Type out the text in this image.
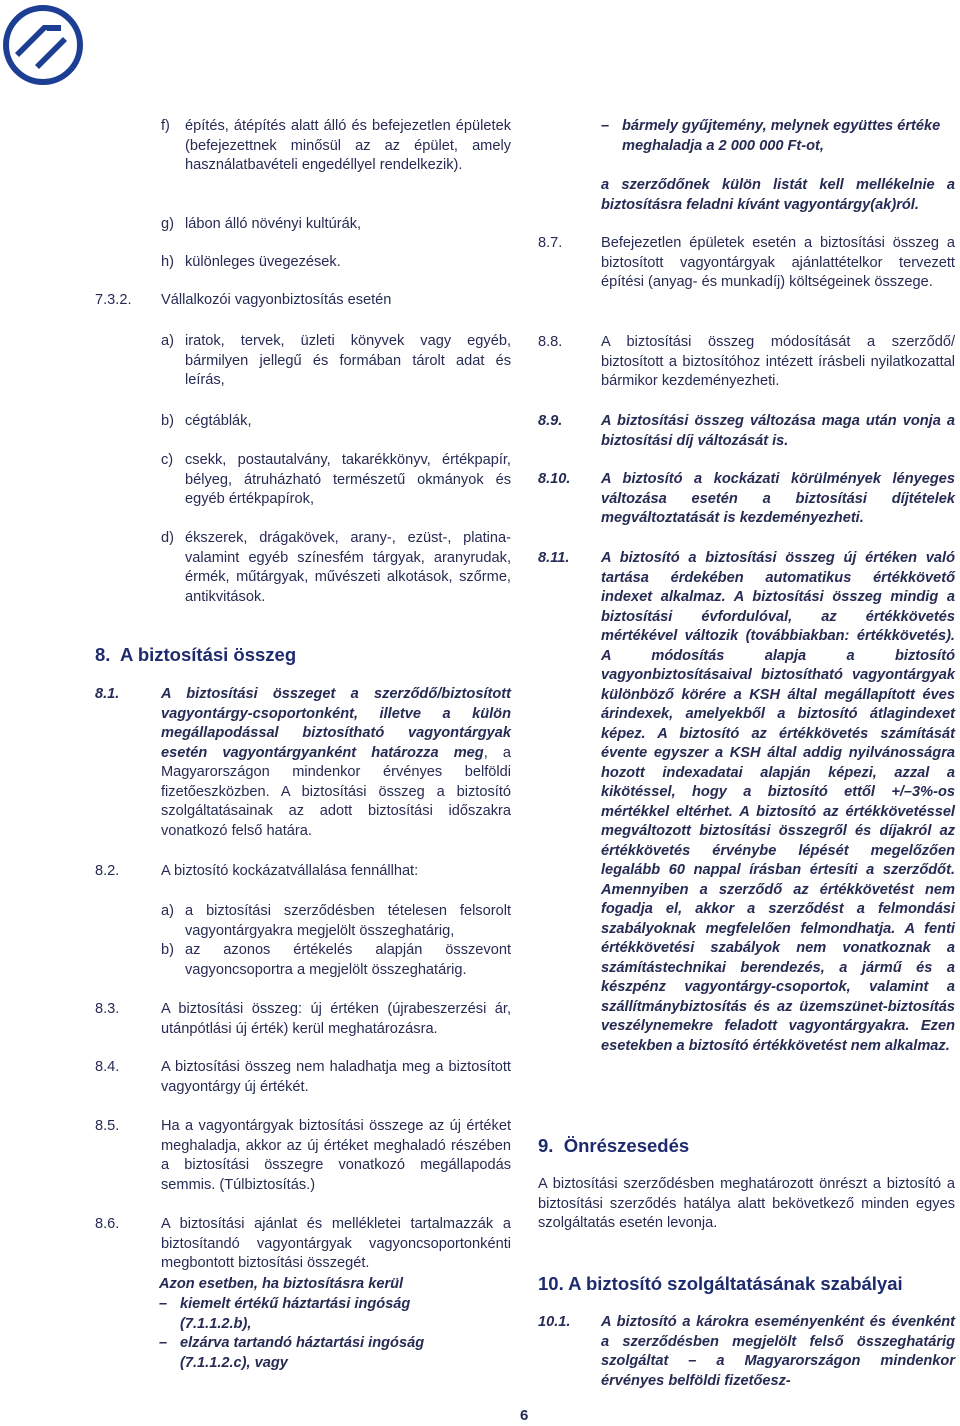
f) építés, átépítés alatt álló és befejezetlen épületek (befejezettnek minősül az az épület, amely használatbavételi engedéllyel rendelkezik).

g) lábon álló növényi kultúrák,

h) különleges üvegezések.

7.3.2. Vállalkozói vagyonbiztosítás esetén

a) iratok, tervek, üzleti könyvek vagy egyéb, bármilyen jellegű és formában tárolt adat és leírás,

b) cégtáblák,

c) csekk, postautalvány, takarékkönyv, értékpapír, bélyeg, átruházható természetű okmányok és egyéb értékpapírok,

d) ékszerek, drágakövek, arany-, ezüst-, platina- valamint egyéb színesfém tárgyak, aranyrudak, érmék, műtárgyak, művészeti alkotások, szőrme, antikvitások.

8.  A biztosítási összeg
8.1.	A biztosítási összeget a szerződő/biztosított vagyontárgy-csoportonként, illetve a külön megállapodással biztosítható vagyontárgyak esetén vagyontárgyanként határozza meg, a Magyarországon mindenkor érvényes belföldi fizetőeszközben. A biztosítási összeg a biztosító szolgáltatásainak az adott biztosítási időszakra vonatkozó felső határa.

8.2.	A biztosító kockázatvállalása fennállhat:

a) a biztosítási szerződésben tételesen felsorolt vagyontárgyakra megjelölt összeghatárig,

b) az azonos értékelés alapján összevont vagyoncsoportra a megjelölt összeghatárig.

8.3.	A biztosítási összeg: új értéken (újrabeszerzési ár, utánpótlási új érték) kerül meghatározásra.

8.4.	A biztosítási összeg nem haladhatja meg a biztosított vagyontárgy új értékét.

8.5.	Ha a vagyontárgyak biztosítási összege az új értéket meghaladja, akkor az új értéket meghaladó részében a biztosítási összegre vonatkozó megállapodás semmis. (Túlbiztosítás.)

8.6.	A biztosítási ajánlat és mellékletei tartalmazzák a biztosítandó vagyontárgyak vagyoncsoportonkénti megbontott biztosítási összegét.

Azon esetben, ha biztosításra kerül

– kiemelt értékű háztartási ingóság (7.1.1.2.b),

– elzárva tartandó háztartási ingóság (7.1.1.2.c), vagy

– bármely gyűjtemény, melynek együttes értéke meghaladja a 2 000 000 Ft-ot,

a szerződőnek külön listát kell mellékelnie a biztosításra feladni kívánt vagyontárgy(ak)ról.

8.7.	Befejezetlen épületek esetén a biztosítási összeg a biztosított vagyontárgyak ajánlattételkor tervezett építési (anyag- és munkadíj) költségeinek összege.

8.8.	A biztosítási összeg módosítását a szerződő/ biztosított a biztosítóhoz intézett írásbeli nyilatkozattal bármikor kezdeményezheti.

8.9.	A biztosítási összeg változása maga után vonja a biztosítási díj változását is.

8.10. A biztosító a kockázati körülmények lényeges változása esetén a biztosítási díjtételek megváltoztatását is kezdeményezheti.

8.11. A biztosító a biztosítási összeg új értéken való tartása érdekében automatikus értékkövető indexet alkalmaz. A biztosítási összeg mindig a biztosítási évfordulóval, az értékkövetés mértékével változik (továbbiakban: értékkövetés). A módosítás alapja a biztosító vagyonbiztosításaival biztosítható vagyontárgyak különböző körére a KSH által megállapított éves árindexek, amelyekből a biztosító átlagindexet képez. A biztosító az értékkövetés számítását évente egyszer a KSH által addig nyilvánosságra hozott indexadatai alapján képezi, azzal a kikötéssel, hogy a biztosító ettől +/–3%-os mértékkel eltérhet. A biztosító az értékkövetéssel megváltozott biztosítási összegről és díjakról az értékkövetés érvénybe lépését megelőzően legalább 60 nappal írásban értesíti a szerződőt. Amennyiben a szerződő az értékkövetést nem fogadja el, akkor a szerződést a felmondási szabályoknak megfelelően felmondhatja. A fenti értékkövetési szabályok nem vonatkoznak a számítástechnikai berendezés, a jármű és a készpénz vagyontárgy-csoportok, valamint a szállítmánybiztosítás és az üzemszünet-biztosítás veszélynemekre feladott vagyontárgyakra. Ezen esetekben a biztosító értékkövetést nem alkalmaz.

9.  Önrészesedés

A biztosítási szerződésben meghatározott önrészt a biztosító a biztosítási szerződés hatálya alatt bekövetkező minden egyes szolgáltatás esetén levonja.

10. A biztosító szolgáltatásának szabályai
10.1. A biztosító a károkra eseményenként és évenként a szerződésben megjelölt felső összeghatárig szolgáltat – a Magyarországon mindenkor érvényes belföldi fizetőesz-

6
